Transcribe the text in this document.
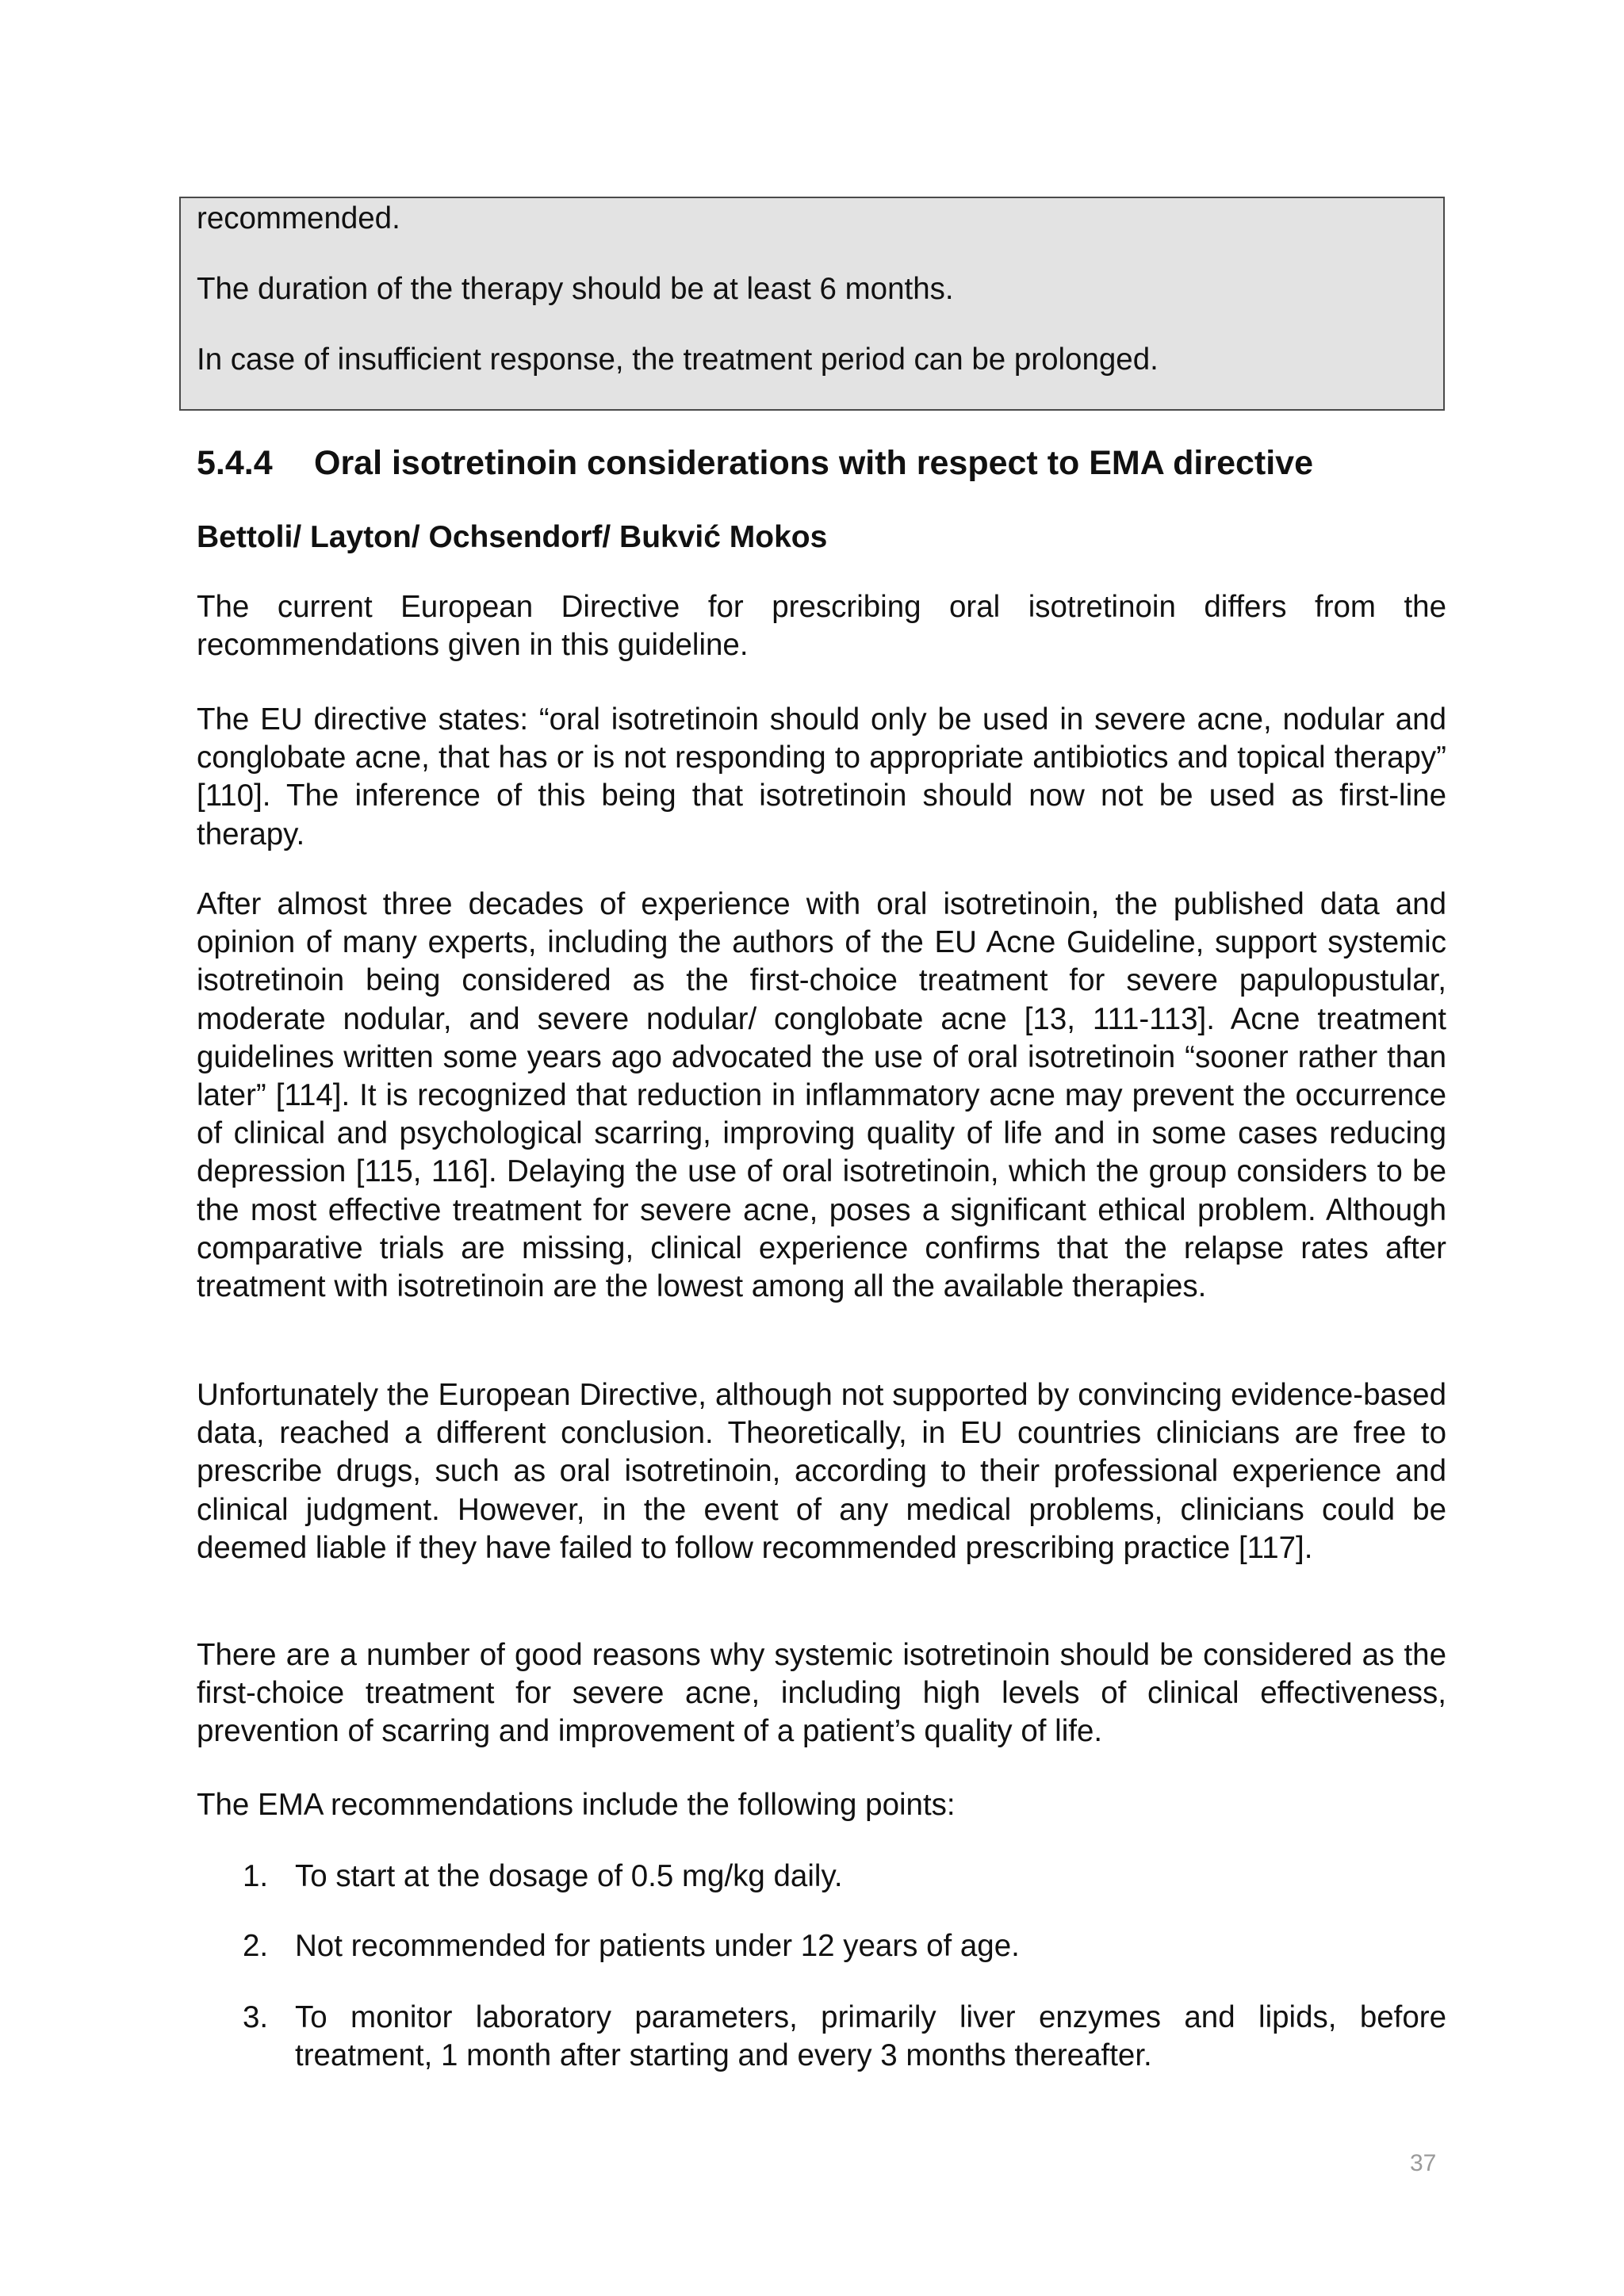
recommended.

The duration of the therapy should be at least 6 months.

In case of insufficient response, the treatment period can be prolonged.

5.4.4 Oral isotretinoin considerations with respect to EMA directive

Bettoli/ Layton/ Ochsendorf/ Bukvić Mokos

The current European Directive for prescribing oral isotretinoin differs from the recommendations given in this guideline.

The EU directive states: “oral isotretinoin should only be used in severe acne, nodular and conglobate acne, that has or is not responding to appropriate antibiotics and topical therapy” [110]. The inference of this being that isotretinoin should now not be used as first-line therapy.

After almost three decades of experience with oral isotretinoin, the published data and opinion of many experts, including the authors of the EU Acne Guideline, support systemic isotretinoin being considered as the first-choice treatment for severe papulopustular, moderate nodular, and severe nodular/ conglobate acne [13, 111-113]. Acne treatment guidelines written some years ago advocated the use of oral isotretinoin “sooner rather than later” [114]. It is recognized that reduction in inflammatory acne may prevent the occurrence of clinical and psychological scarring, improving quality of life and in some cases reducing depression [115, 116]. Delaying the use of oral isotretinoin, which the group considers to be the most effective treatment for severe acne, poses a significant ethical problem. Although comparative trials are missing, clinical experience confirms that the relapse rates after treatment with isotretinoin are the lowest among all the available therapies.

Unfortunately the European Directive, although not supported by convincing evidence-based data, reached a different conclusion. Theoretically, in EU countries clinicians are free to prescribe drugs, such as oral isotretinoin, according to their professional experience and clinical judgment. However, in the event of any medical problems, clinicians could be deemed liable if they have failed to follow recommended prescribing practice [117].

There are a number of good reasons why systemic isotretinoin should be considered as the first-choice treatment for severe acne, including high levels of clinical effectiveness, prevention of scarring and improvement of a patient’s quality of life.

The EMA recommendations include the following points:

1. To start at the dosage of 0.5 mg/kg daily.
2. Not recommended for patients under 12 years of age.
3. To monitor laboratory parameters, primarily liver enzymes and lipids, before treatment, 1 month after starting and every 3 months thereafter.

37
